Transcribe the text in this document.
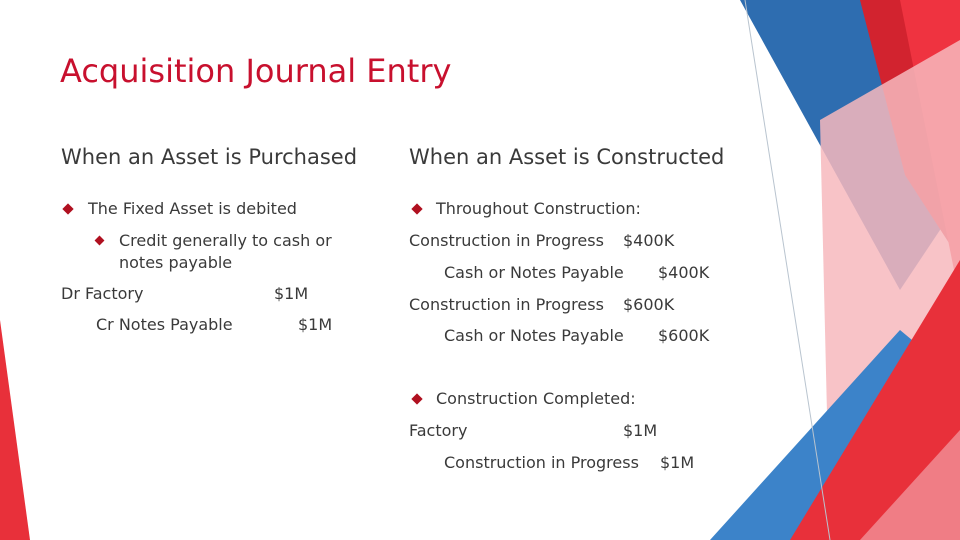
Acquisition Journal Entry
When an Asset is Purchased
The Fixed Asset is debited
Credit generally to cash or notes payable
Dr Factory	$1M
Cr Notes Payable	$1M
When an Asset is Constructed
Throughout Construction:
Construction in Progress $400K
Cash or Notes Payable $400K
Construction in Progress $600K
Cash or Notes Payable $600K
Construction Completed:
Factory	$1M
Construction in Progress $1M
